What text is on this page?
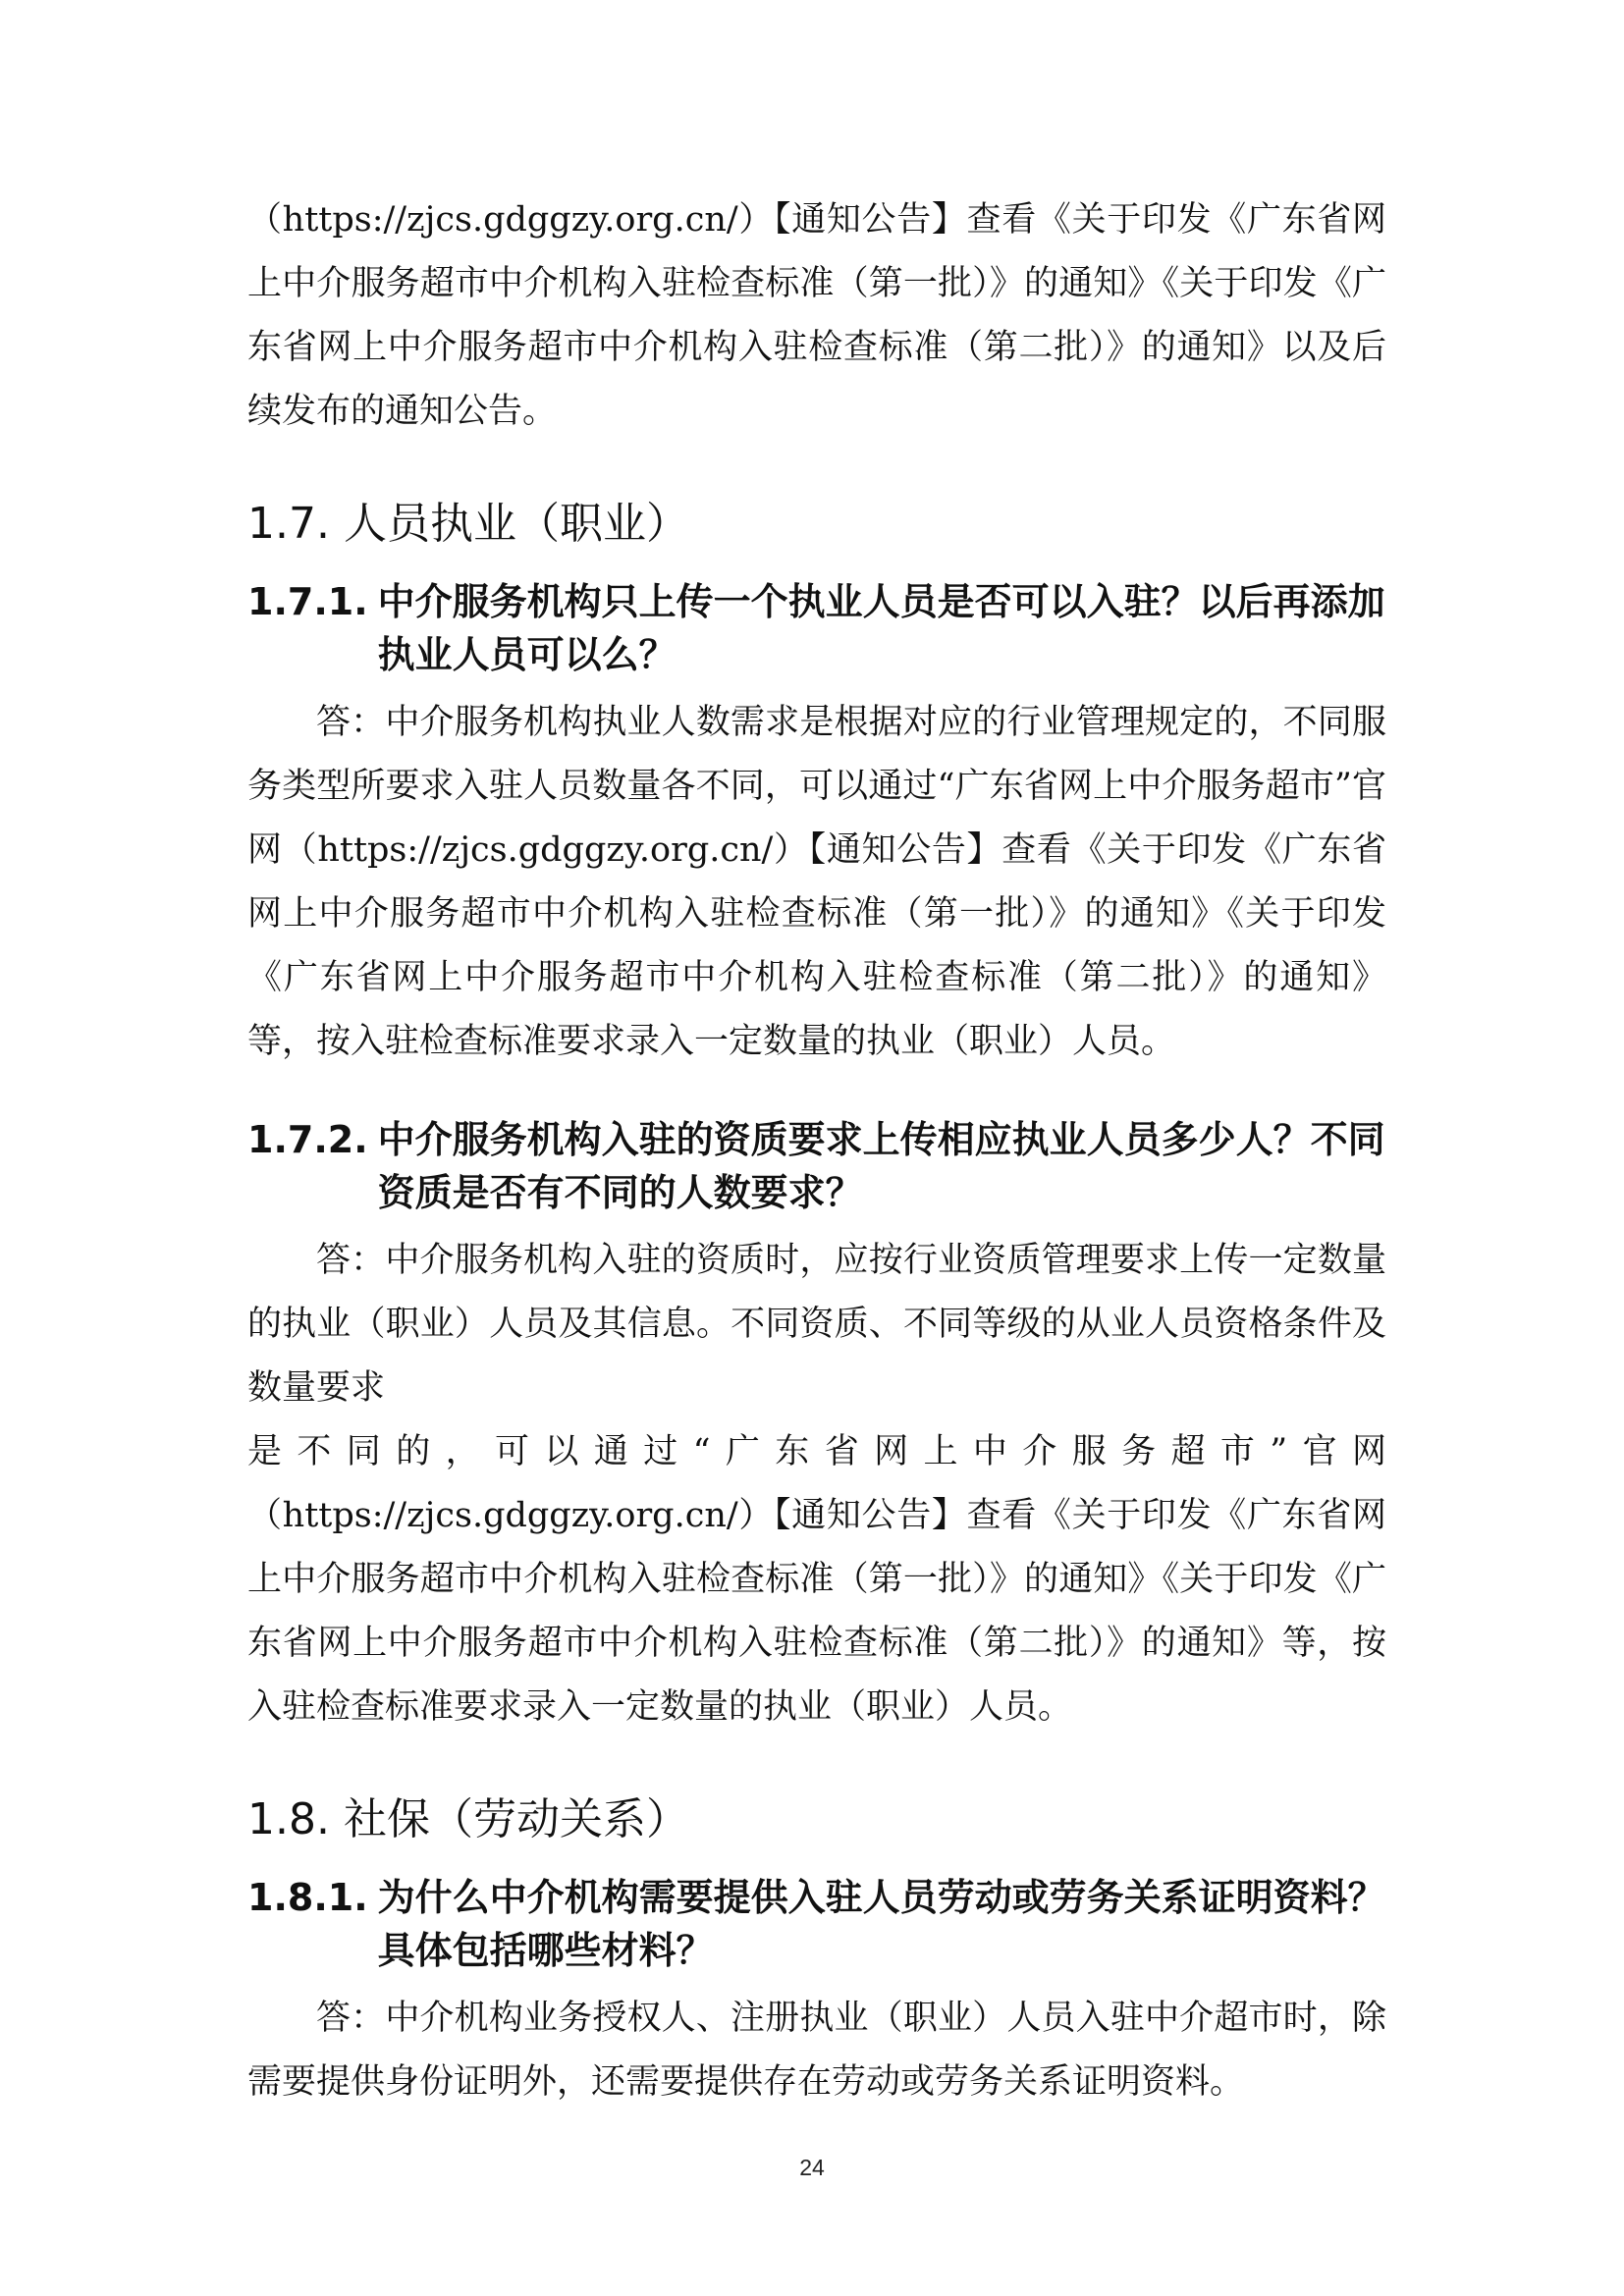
（https://zjcs.gdggzy.org.cn/）【通知公告】查看《关于印发《广东省网上中介服务超市中介机构入驻检查标准（第一批）》的通知》《关于印发《广东省网上中介服务超市中介机构入驻检查标准（第二批）》的通知》以及后续发布的通知公告。

1.7. 人员执业（职业）
1.7.1. 中介服务机构只上传一个执业人员是否可以入驻？以后再添加执业人员可以么？

答：中介服务机构执业人数需求是根据对应的行业管理规定的，不同服务类型所要求入驻人员数量各不同，可以通过“广东省网上中介服务超市”官网（https://zjcs.gdggzy.org.cn/）【通知公告】查看《关于印发《广东省网上中介服务超市中介机构入驻检查标准（第一批）》的通知》《关于印发《广东省网上中介服务超市中介机构入驻检查标准（第二批）》的通知》等，按入驻检查标准要求录入一定数量的执业（职业）人员。

1.7.2. 中介服务机构入驻的资质要求上传相应执业人员多少人？不同资质是否有不同的人数要求？

答：中介服务机构入驻的资质时，应按行业资质管理要求上传一定数量的执业（职业）人员及其信息。不同资质、不同等级的从业人员资格条件及数量要求

是不同的，可以通过“广东省网上中介服务超市”官网

（https://zjcs.gdggzy.org.cn/）【通知公告】查看《关于印发《广东省网上中介服务超市中介机构入驻检查标准（第一批）》的通知》《关于印发《广东省网上中介服务超市中介机构入驻检查标准（第二批）》的通知》等，按入驻检查标准要求录入一定数量的执业（职业）人员。

1.8. 社保（劳动关系）
1.8.1. 为什么中介机构需要提供入驻人员劳动或劳务关系证明资料？具体包括哪些材料？

答：中介机构业务授权人、注册执业（职业）人员入驻中介超市时，除需要提供身份证明外，还需要提供存在劳动或劳务关系证明资料。

24
